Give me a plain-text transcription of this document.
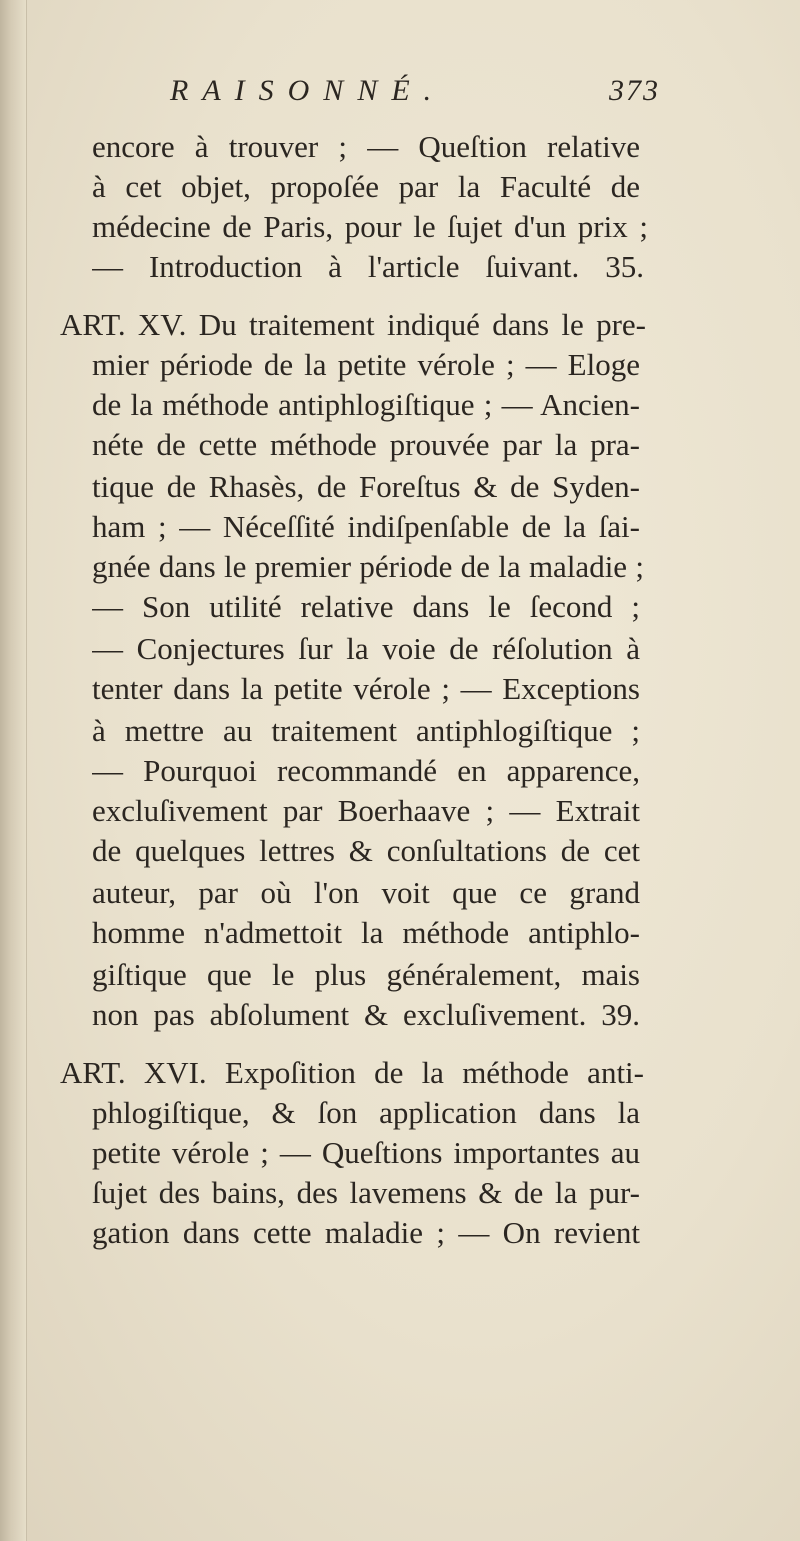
RAISONNÉ.	373
encore à trouver ; — Queſtion relative
à cet objet, propoſée par la Faculté de
médecine de Paris, pour le ſujet d'un prix ;
— Introduction à l'article ſuivant. 35.
ART. XV. Du traitement indiqué dans le pre-
mier période de la petite vérole ; — Eloge
de la méthode antiphlogiſtique ; — Ancien-
néte de cette méthode prouvée par la pra-
tique de Rhasès, de Foreſtus & de Syden-
ham ; — Néceſſité indiſpenſable de la ſai-
gnée dans le premier période de la maladie ;
— Son utilité relative dans le ſecond ;
— Conjectures ſur la voie de réſolution à
tenter dans la petite vérole ; — Exceptions
à mettre au traitement antiphlogiſtique ;
— Pourquoi recommandé en apparence,
excluſivement par Boerhaave ; — Extrait
de quelques lettres & conſultations de cet
auteur, par où l'on voit que ce grand
homme n'admettoit la méthode antiphlo-
giſtique que le plus généralement, mais
non pas abſolument & excluſivement. 39.
ART. XVI. Expoſition de la méthode anti-
phlogiſtique, & ſon application dans la
petite vérole ; — Queſtions importantes au
ſujet des bains, des lavemens & de la pur-
gation dans cette maladie ; — On revient
